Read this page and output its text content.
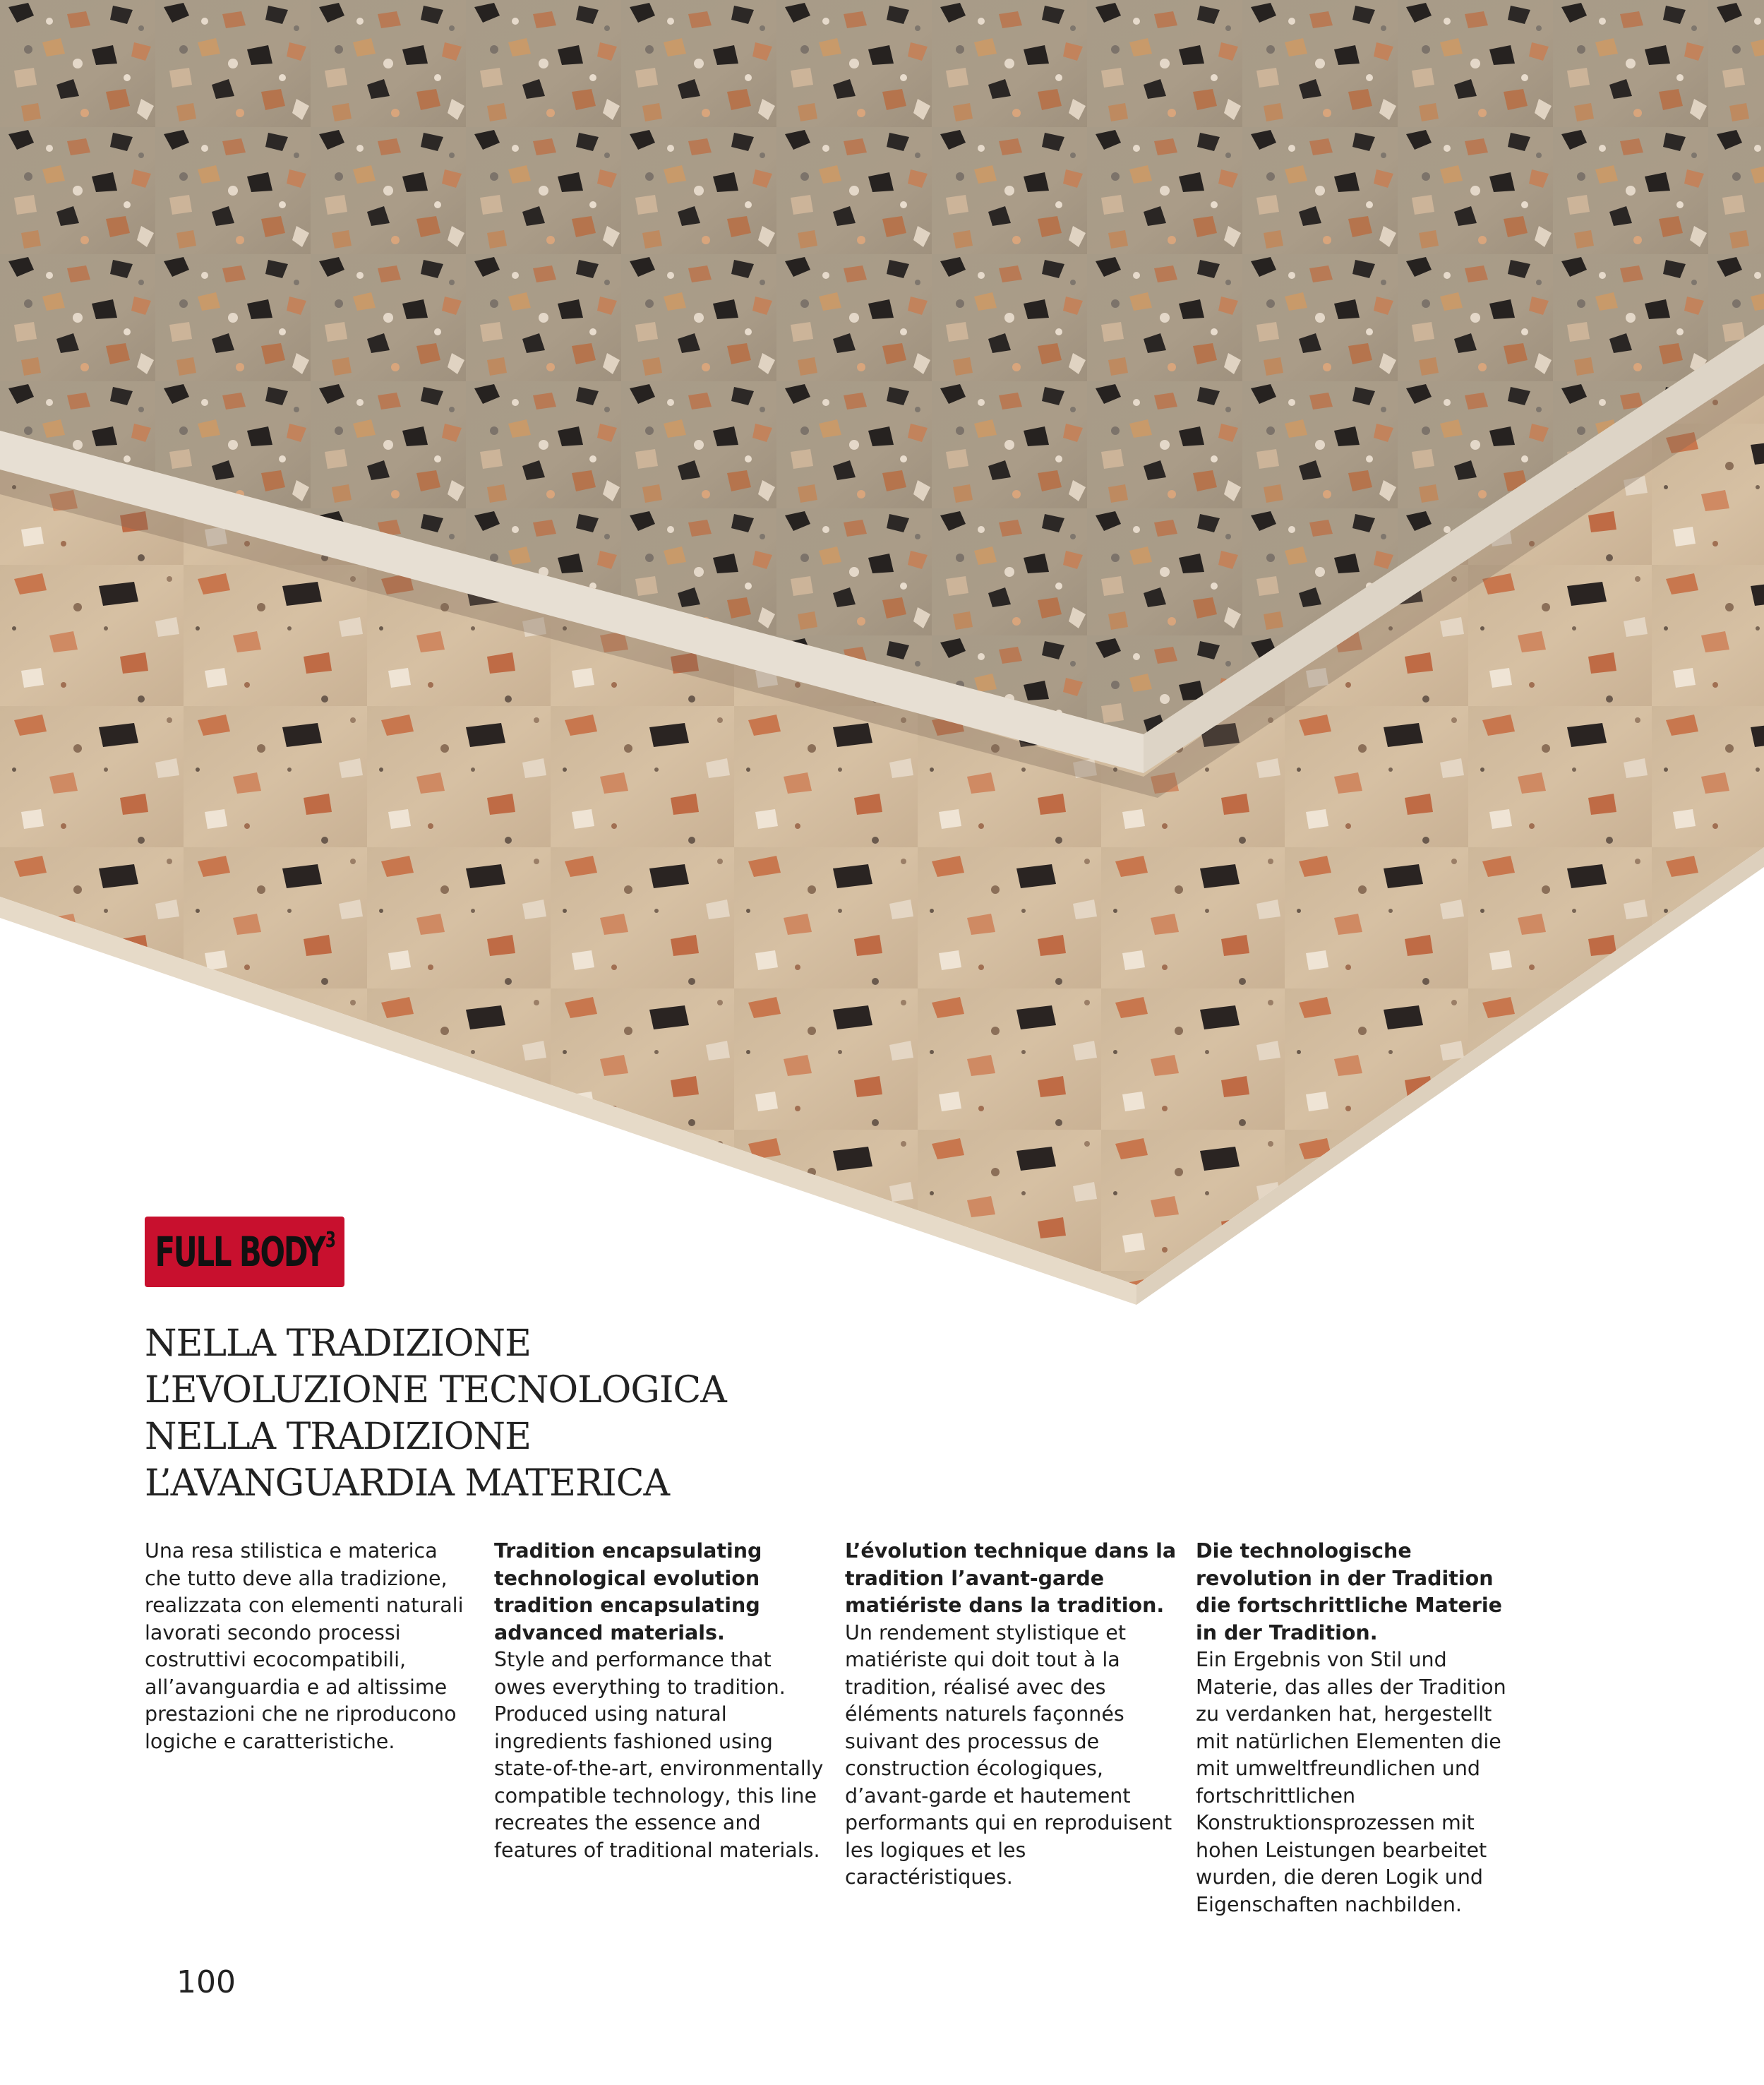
FULL BODY$^3$
NELLA TRADIZIONE
L’EVOLUZIONE TECNOLOGICA
NELLA TRADIZIONE
L’AVANGUARDIA MATERICA

Una resa stilistica e materica che tutto deve alla tradizione, realizzata con elementi naturali lavorati secondo processi costruttivi ecocompatibili, all’avanguardia e ad altissime prestazioni che ne riproducono logiche e caratteristiche.

Tradition encapsulating technological evolution tradition encapsulating advanced materials.

Style and performance that owes everything to tradition. Produced using natural ingredients fashioned using state-of-the-art, environmentally compatible technology, this line recreates the essence and features of traditional materials.

L’évolution technique dans la tradition l’avant-garde matiériste dans la tradition.

Un rendement stylistique et matiériste qui doit tout à la tradition, réalisé avec des éléments naturels façonnés suivant des processus de construction écologiques, d’avant-garde et hautement performants qui en reproduisent les logiques et les caractéristiques.

Die technologische revolution in der Tradition die fortschrittliche Materie in der Tradition.

Ein Ergebnis von Stil und Materie, das alles der Tradition zu verdanken hat, hergestellt mit natürlichen Elementen die mit umweltfreundlichen und fortschrittlichen Konstruktionsprozessen mit hohen Leistungen bearbeitet wurden, die deren Logik und Eigenschaften nachbilden.

100
